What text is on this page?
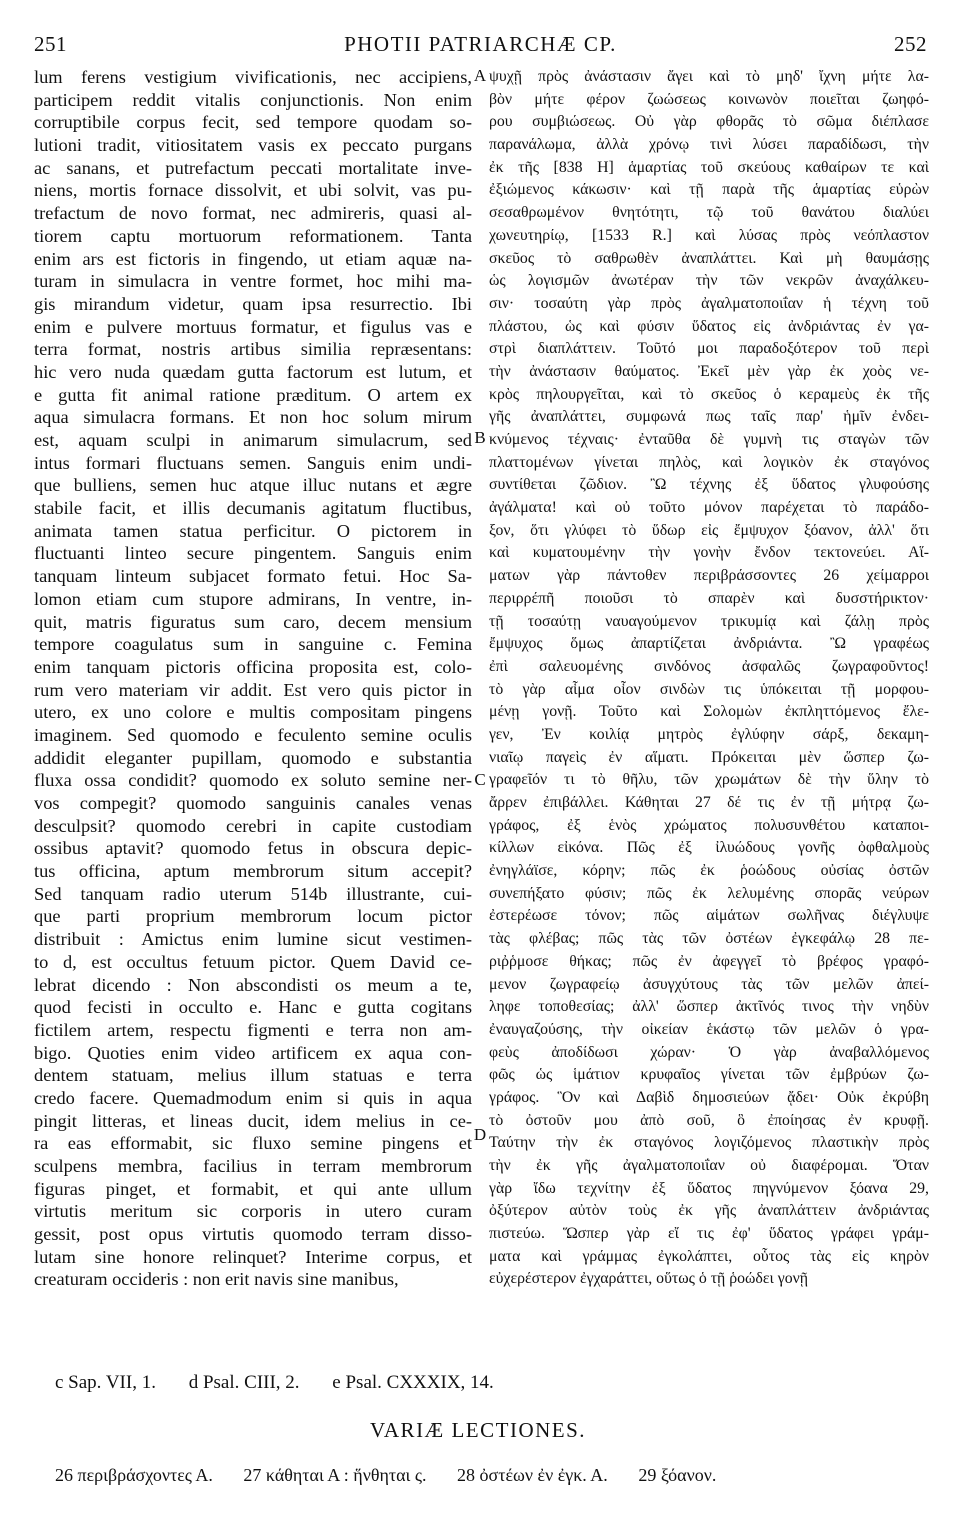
251	PHOTII PATRIARCHÆ CP.	252
lum ferens vestigium vivificationis, nec accipiens,
participem reddit vitalis conjunctionis. Non enim
corruptibile corpus fecit, sed tempore quodam so-
lutioni tradit, vitiositatem vasis ex peccato purgans
ac sanans, et putrefactum peccati mortalitate inve-
niens, mortis fornace dissolvit, et ubi solvit, vas pu-
trefactum de novo format, nec admireris, quasi al-
tiorem captu mortuorum reformationem. Tanta
enim ars est fictoris in fingendo, ut etiam aquæ na-
turam in simulacra in ventre formet, hoc mihi ma-
gis mirandum videtur, quam ipsa resurrectio. Ibi
enim e pulvere mortuus formatur, et figulus vas e
terra format, nostris artibus similia repræsentans:
hic vero nuda quædam gutta factorum est lutum, et
e gutta fit animal ratione præditum. O artem ex
aqua simulacra formans. Et non hoc solum mirum
est, aquam sculpi in animarum simulacrum, sed
intus formari fluctuans semen. Sanguis enim undi-
que bulliens, semen huc atque illuc nutans et ægre
stabile facit, et illis decumanis agitatum fluctibus,
animata tamen statua perficitur. O pictorem in
fluctuanti linteo secure pingentem. Sanguis enim
tanquam linteum subjacet formato fetui. Hoc Sa-
lomon etiam cum stupore admirans, In ventre, in-
quit, matris figuratus sum caro, decem mensium
tempore coagulatus sum in sanguine c. Femina
enim tanquam pictoris officina proposita est, colo-
rum vero materiam vir addit. Est vero quis pictor in
utero, ex uno colore e multis compositam pingens
imaginem. Sed quomodo e feculento semine oculis
addidit eleganter pupillam, quomodo e substantia
fluxa ossa condidit? quomodo ex soluto semine ner-
vos compegit? quomodo sanguinis canales venas
desculpsit? quomodo cerebri in capite custodiam
ossibus aptavit? quomodo fetus in obscura depic-
tus officina, aptum membrorum situm accepit?
Sed tanquam radio uterum 514b illustrante, cui-
que parti proprium membrorum locum pictor
distribuit : Amictus enim lumine sicut vestimen-
to d, est occultus fetuum pictor. Quem David ce-
lebrat dicendo : Non abscondisti os meum a te,
quod fecisti in occulto e. Hanc e gutta cogitans
fictilem artem, respectu figmenti e terra non am-
bigo. Quoties enim video artificem ex aqua con-
dentem statuam, melius illum statuas e terra
credo facere. Quemadmodum enim si quis in aqua
pingit litteras, et lineas ducit, idem melius in ce-
ra eas efformabit, sic fluxo semine pingens et
sculpens membra, facilius in terram membrorum
figuras pinget, et formabit, et qui ante ullum
virtutis meritum sic corporis in utero curam
gessit, post opus virtutis quomodo terram disso-
lutam sine honore relinquet? Interime corpus, et
creaturam occideris : non erit navis sine manibus,
A
B
C
D
ψυχῇ πρὸς ἀνάστασιν ἄγει καὶ τὸ μηδ' ἴχνη μήτε λα-
βὸν μήτε φέρον ζωώσεως κοινωνὸν ποιεῖται ζωηφό-
ρου συμβιώσεως. Οὐ γὰρ φθορᾶς τὸ σῶμα διέπλασε
παρανάλωμα, ἀλλὰ χρόνῳ τινὶ λύσει παραδίδωσι, τὴν
ἐκ τῆς [838 H] ἁμαρτίας τοῦ σκεύους καθαίρων τε καὶ
ἐξιώμενος κάκωσιν· καὶ τῇ παρὰ τῆς ἁμαρτίας εὑρὼν
σεσαθρωμένον θνητότητι, τῷ τοῦ θανάτου διαλύει
χωνευτηρίῳ, [1533 R.] καὶ λύσας πρὸς νεόπλαστον
σκεῦος τὸ σαθρωθὲν ἀναπλάττει. Καὶ μὴ θαυμάσῃς
ὡς λογισμῶν ἀνωτέραν τὴν τῶν νεκρῶν ἀναχάλκευ-
σιν· τοσαύτη γὰρ πρὸς ἀγαλματοποιΐαν ἡ τέχνη τοῦ
πλάστου, ὡς καὶ φύσιν ὕδατος εἰς ἀνδριάντας ἐν γα-
στρὶ διαπλάττειν. Τοῦτό μοι παραδοξότερον τοῦ περὶ
τὴν ἀνάστασιν θαύματος. Ἐκεῖ μὲν γὰρ ἐκ χοὸς νε-
κρὸς πηλουργεῖται, καὶ τὸ σκεῦος ὁ κεραμεὺς ἐκ τῆς
γῆς ἀναπλάττει, συμφωνά πως ταῖς παρ' ἡμῖν ἐνδει-
κνύμενος τέχναις· ἐνταῦθα δὲ γυμνὴ τις σταγὼν τῶν
πλαττομένων γίνεται πηλὸς, καὶ λογικὸν ἐκ σταγόνος
συντίθεται ζῶδιον. Ὢ τέχνης ἐξ ὕδατος γλυφούσης
ἀγάλματα! καὶ οὐ τοῦτο μόνον παρέχεται τὸ παράδο-
ξον, ὅτι γλύφει τὸ ὕδωρ εἰς ἔμψυχον ξόανον, ἀλλ' ὅτι
καὶ κυματουμένην τὴν γονὴν ἔνδον τεκτονεύει. Αἵ-
ματων γὰρ πάντοθεν περιβράσσοντες 26 χείμαρροι
περιρρέπῆ ποιοῦσι τὸ σπαρὲν καὶ δυσστήρικτον·
τῇ τοσαύτῃ ναυαγούμενον τρικυμίᾳ καὶ ζάλῃ πρὸς
ἔμψυχος ὅμως ἀπαρτίζεται ἀνδριάντα. Ὢ γραφέως
ἐπὶ σαλευομένης σινδόνος ἀσφαλῶς ζωγραφοῦντος!
τὸ γὰρ αἷμα οἷον σινδὼν τις ὑπόκειται τῇ μορφου-
μένῃ γονῇ. Τοῦτο καὶ Σολομὼν ἐκπληττόμενος ἔλε-
γεν, Ἐν κοιλίᾳ μητρὸς ἐγλύφην σάρξ, δεκαμη-
νιαῖῳ παγεὶς ἐν αἵματι. Πρόκειται μὲν ὥσπερ ζω-
γραφεῖόν τι τὸ θῆλυ, τῶν χρωμάτων δὲ τὴν ὕλην τὸ
ἄρρεν ἐπιβάλλει. Κάθηται 27 δέ τις ἐν τῇ μήτρᾳ ζω-
γράφος, ἐξ ἑνὸς χρώματος πολυσυνθέτου καταποι-
κίλλων εἰκόνα. Πῶς ἐξ ἰλυώδους γονῆς ὀφθαλμοὺς
ἐνηγλάϊσε, κόρην; πῶς ἐκ ῥοώδους οὐσίας ὀστῶν
συνεπήξατο φύσιν; πῶς ἐκ λελυμένης σπορᾶς νεύρων
ἐστερέωσε τόνον; πῶς αἱμάτων σωλῆνας διέγλυψε
τὰς φλέβας; πῶς τὰς τῶν ὀστέων ἐγκεφάλῳ 28 πε-
ριῤῥμοσε θήκας; πῶς ἐν ἀφεγγεῖ τὸ βρέφος γραφό-
μενον ζωγραφείῳ ἀσυγχύτους τὰς τῶν μελῶν ἀπεί-
ληφε τοποθεσίας; ἀλλ' ὥσπερ ἀκτῖνός τινος τὴν νηδὺν
ἐναυγαζούσης, τὴν οἰκείαν ἑκάστῳ τῶν μελῶν ὁ γρα-
φεὺς ἀποδίδωσι χώραν· Ὁ γὰρ ἀναβαλλόμενος
φῶς ὡς ἱμάτιον κρυφαῖος γίνεται τῶν ἐμβρύων ζω-
γράφος. Ὃν καὶ Δαβὶδ δημοσιεύων ᾄδει· Οὐκ ἐκρύβη
τὸ ὀστοῦν μου ἀπὸ σοῦ, ὃ ἐποίησας ἐν κρυφῇ.
Ταύτην τὴν ἐκ σταγόνος λογιζόμενος πλαστικὴν πρὸς
τὴν ἐκ γῆς ἀγαλματοποιΐαν οὐ διαφέρομαι. Ὅταν
γὰρ ἴδω τεχνίτην ἐξ ὕδατος πηγνύμενον ξόανα 29,
ὀξύτερον αὐτὸν τοὺς ἐκ γῆς ἀναπλάττειν ἀνδριάντας
πιστεύω. Ὥσπερ γὰρ εἴ τις ἐφ' ὕδατος γράφει γράμ-
ματα καὶ γράμμας ἐγκολάπτει, οὗτος τὰς εἰς κηρὸν
εὐχερέστερον ἐγχαράττει, οὕτως ὁ τῇ ῥοώδει γονῇ
c Sap. VII, 1. d Psal. CIII, 2. e Psal. CXXXIX, 14.
VARIÆ LECTIONES.
26 περιβράσχοντες Α. 27 κάθηται Α : ἥνθηται ς. 28 ὀστέων ἐν ἐγκ. Α. 29 ξόανον.
